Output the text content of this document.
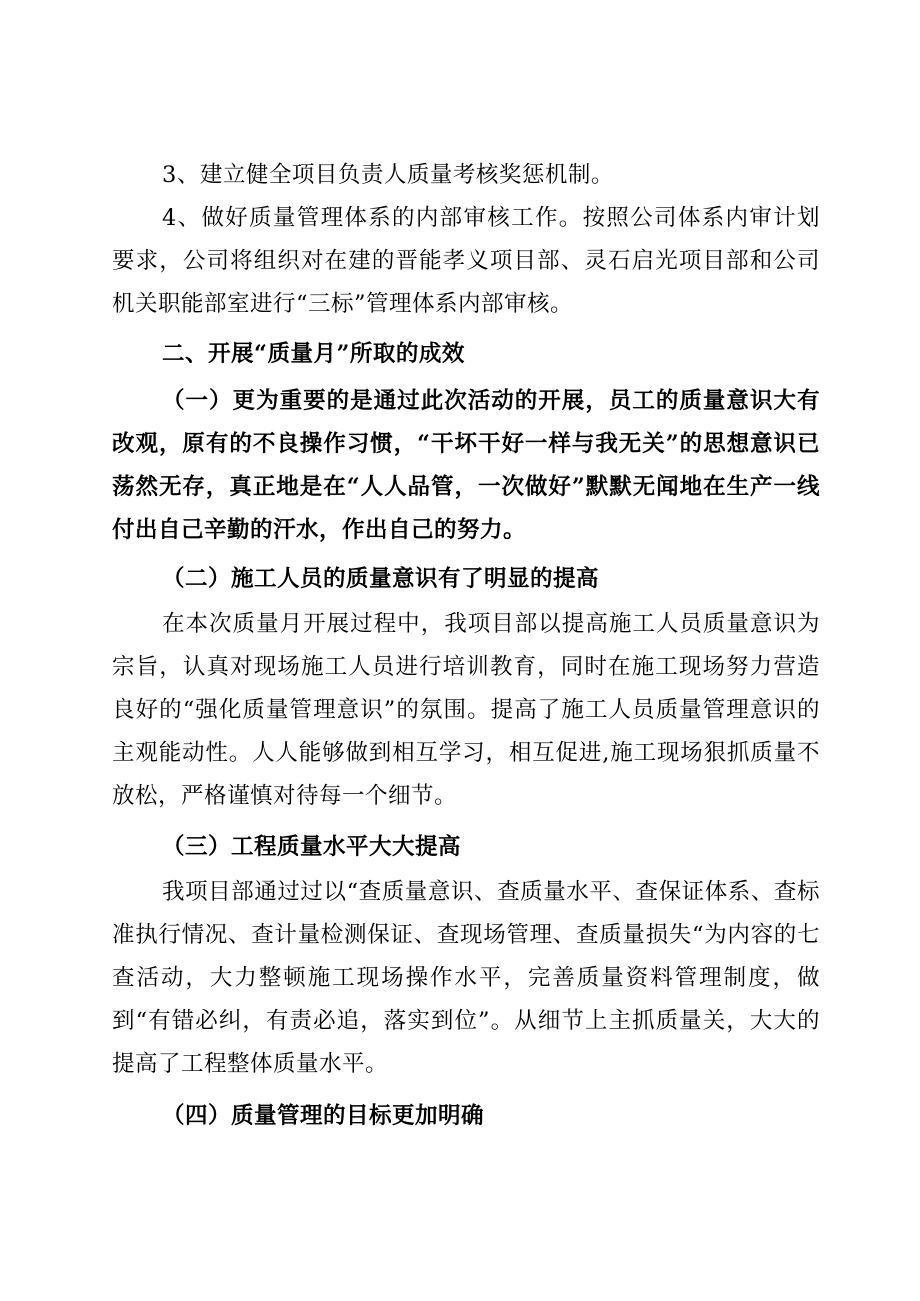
3、建立健全项目负责人质量考核奖惩机制。

4、做好质量管理体系的内部审核工作。按照公司体系内审计划要求，公司将组织对在建的晋能孝义项目部、灵石启光项目部和公司机关职能部室进行“三标”管理体系内部审核。

二、开展“质量月”所取的成效

（一）更为重要的是通过此次活动的开展，员工的质量意识大有改观，原有的不良操作习惯，“干坏干好一样与我无关”的思想意识已荡然无存，真正地是在“人人品管，一次做好”默默无闻地在生产一线付出自己辛勤的汗水，作出自己的努力。

（二）施工人员的质量意识有了明显的提高

在本次质量月开展过程中，我项目部以提高施工人员质量意识为宗旨，认真对现场施工人员进行培训教育，同时在施工现场努力营造良好的“强化质量管理意识”的氛围。提高了施工人员质量管理意识的主观能动性。人人能够做到相互学习，相互促进,施工现场狠抓质量不放松，严格谨慎对待每一个细节。

（三）工程质量水平大大提高

我项目部通过过以“查质量意识、查质量水平、查保证体系、查标准执行情况、查计量检测保证、查现场管理、查质量损失“为内容的七查活动，大力整顿施工现场操作水平，完善质量资料管理制度，做到“有错必纠，有责必追，落实到位”。从细节上主抓质量关，大大的提高了工程整体质量水平。

（四）质量管理的目标更加明确
